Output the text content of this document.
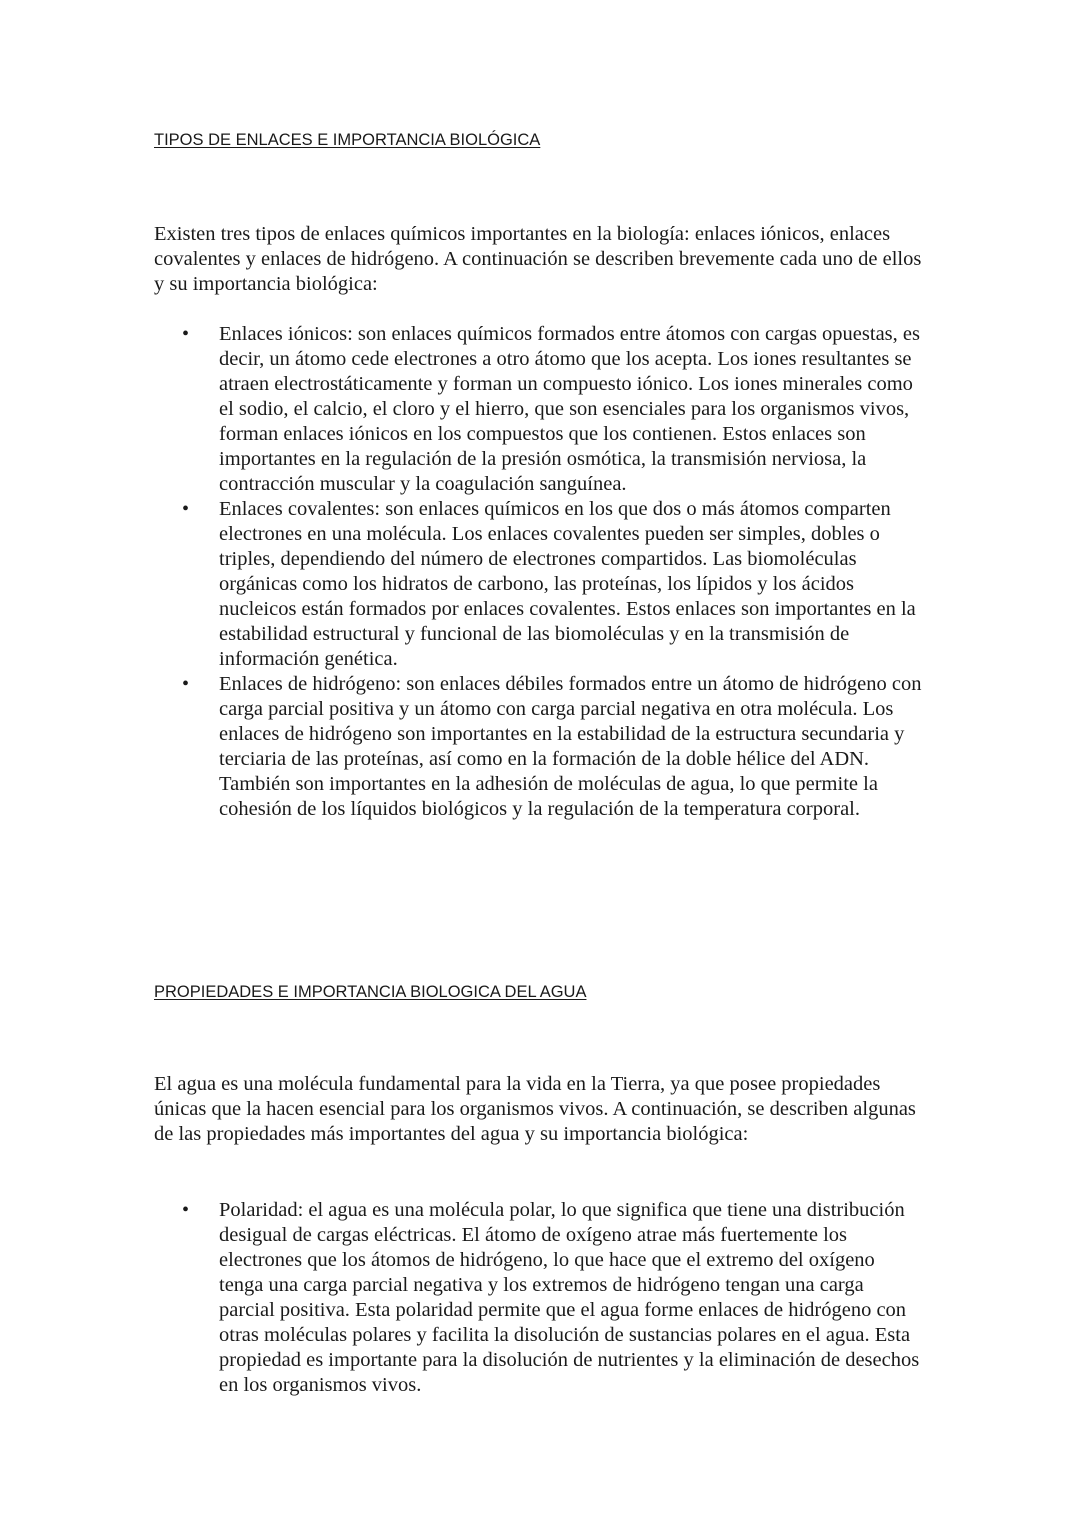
TIPOS DE ENLACES E IMPORTANCIA BIOLÓGICA

Existen tres tipos de enlaces químicos importantes en la biología: enlaces iónicos, enlaces covalentes y enlaces de hidrógeno. A continuación se describen brevemente cada uno de ellos y su importancia biológica:

• Enlaces iónicos: son enlaces químicos formados entre átomos con cargas opuestas, es decir, un átomo cede electrones a otro átomo que los acepta. Los iones resultantes se atraen electrostáticamente y forman un compuesto iónico. Los iones minerales como el sodio, el calcio, el cloro y el hierro, que son esenciales para los organismos vivos, forman enlaces iónicos en los compuestos que los contienen. Estos enlaces son importantes en la regulación de la presión osmótica, la transmisión nerviosa, la contracción muscular y la coagulación sanguínea.
• Enlaces covalentes: son enlaces químicos en los que dos o más átomos comparten electrones en una molécula. Los enlaces covalentes pueden ser simples, dobles o triples, dependiendo del número de electrones compartidos. Las biomoléculas orgánicas como los hidratos de carbono, las proteínas, los lípidos y los ácidos nucleicos están formados por enlaces covalentes. Estos enlaces son importantes en la estabilidad estructural y funcional de las biomoléculas y en la transmisión de información genética.
• Enlaces de hidrógeno: son enlaces débiles formados entre un átomo de hidrógeno con carga parcial positiva y un átomo con carga parcial negativa en otra molécula. Los enlaces de hidrógeno son importantes en la estabilidad de la estructura secundaria y terciaria de las proteínas, así como en la formación de la doble hélice del ADN. También son importantes en la adhesión de moléculas de agua, lo que permite la cohesión de los líquidos biológicos y la regulación de la temperatura corporal.
PROPIEDADES E IMPORTANCIA BIOLOGICA DEL AGUA

El agua es una molécula fundamental para la vida en la Tierra, ya que posee propiedades únicas que la hacen esencial para los organismos vivos. A continuación, se describen algunas de las propiedades más importantes del agua y su importancia biológica:

• Polaridad: el agua es una molécula polar, lo que significa que tiene una distribución desigual de cargas eléctricas. El átomo de oxígeno atrae más fuertemente los electrones que los átomos de hidrógeno, lo que hace que el extremo del oxígeno tenga una carga parcial negativa y los extremos de hidrógeno tengan una carga parcial positiva. Esta polaridad permite que el agua forme enlaces de hidrógeno con otras moléculas polares y facilita la disolución de sustancias polares en el agua. Esta propiedad es importante para la disolución de nutrientes y la eliminación de desechos en los organismos vivos.
